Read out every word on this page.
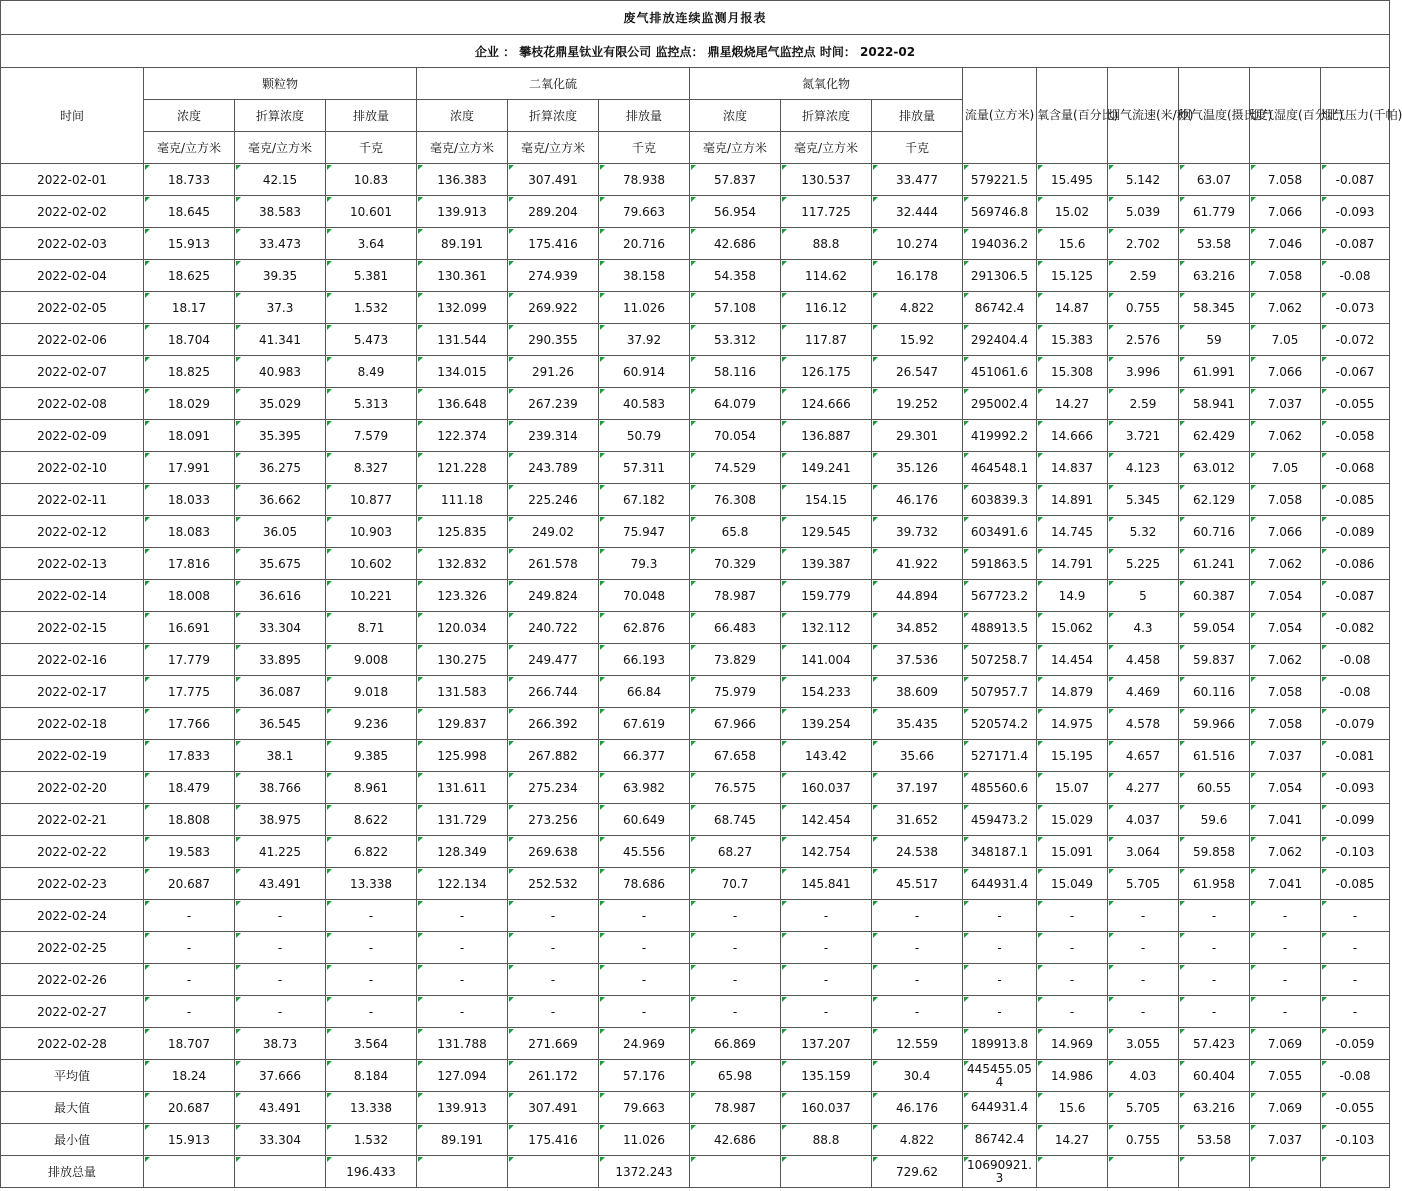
废气排放连续监测月报表															
企业 ： 攀枝花鼎星钛业有限公司 监控点： 鼎星煅烧尾气监控点 时间： 2022-02															
时间	颗粒物			二氧化硫			氮氧化物			流量(立方米)	氧含量(百分比)	烟气流速(米/秒)	烟气温度(摄氏度)	烟气湿度(百分比)	烟气压力(千帕)
	浓度	折算浓度	排放量	浓度	折算浓度	排放量	浓度	折算浓度	排放量						
	毫克/立方米	毫克/立方米	千克	毫克/立方米	毫克/立方米	千克	毫克/立方米	毫克/立方米	千克						
2022-02-01	18.733	42.15	10.83	136.383	307.491	78.938	57.837	130.537	33.477	579221.5	15.495	5.142	63.07	7.058	-0.087
2022-02-02	18.645	38.583	10.601	139.913	289.204	79.663	56.954	117.725	32.444	569746.8	15.02	5.039	61.779	7.066	-0.093
2022-02-03	15.913	33.473	3.64	89.191	175.416	20.716	42.686	88.8	10.274	194036.2	15.6	2.702	53.58	7.046	-0.087
2022-02-04	18.625	39.35	5.381	130.361	274.939	38.158	54.358	114.62	16.178	291306.5	15.125	2.59	63.216	7.058	-0.08
2022-02-05	18.17	37.3	1.532	132.099	269.922	11.026	57.108	116.12	4.822	86742.4	14.87	0.755	58.345	7.062	-0.073
2022-02-06	18.704	41.341	5.473	131.544	290.355	37.92	53.312	117.87	15.92	292404.4	15.383	2.576	59	7.05	-0.072
2022-02-07	18.825	40.983	8.49	134.015	291.26	60.914	58.116	126.175	26.547	451061.6	15.308	3.996	61.991	7.066	-0.067
2022-02-08	18.029	35.029	5.313	136.648	267.239	40.583	64.079	124.666	19.252	295002.4	14.27	2.59	58.941	7.037	-0.055
2022-02-09	18.091	35.395	7.579	122.374	239.314	50.79	70.054	136.887	29.301	419992.2	14.666	3.721	62.429	7.062	-0.058
2022-02-10	17.991	36.275	8.327	121.228	243.789	57.311	74.529	149.241	35.126	464548.1	14.837	4.123	63.012	7.05	-0.068
2022-02-11	18.033	36.662	10.877	111.18	225.246	67.182	76.308	154.15	46.176	603839.3	14.891	5.345	62.129	7.058	-0.085
2022-02-12	18.083	36.05	10.903	125.835	249.02	75.947	65.8	129.545	39.732	603491.6	14.745	5.32	60.716	7.066	-0.089
2022-02-13	17.816	35.675	10.602	132.832	261.578	79.3	70.329	139.387	41.922	591863.5	14.791	5.225	61.241	7.062	-0.086
2022-02-14	18.008	36.616	10.221	123.326	249.824	70.048	78.987	159.779	44.894	567723.2	14.9	5	60.387	7.054	-0.087
2022-02-15	16.691	33.304	8.71	120.034	240.722	62.876	66.483	132.112	34.852	488913.5	15.062	4.3	59.054	7.054	-0.082
2022-02-16	17.779	33.895	9.008	130.275	249.477	66.193	73.829	141.004	37.536	507258.7	14.454	4.458	59.837	7.062	-0.08
2022-02-17	17.775	36.087	9.018	131.583	266.744	66.84	75.979	154.233	38.609	507957.7	14.879	4.469	60.116	7.058	-0.08
2022-02-18	17.766	36.545	9.236	129.837	266.392	67.619	67.966	139.254	35.435	520574.2	14.975	4.578	59.966	7.058	-0.079
2022-02-19	17.833	38.1	9.385	125.998	267.882	66.377	67.658	143.42	35.66	527171.4	15.195	4.657	61.516	7.037	-0.081
2022-02-20	18.479	38.766	8.961	131.611	275.234	63.982	76.575	160.037	37.197	485560.6	15.07	4.277	60.55	7.054	-0.093
2022-02-21	18.808	38.975	8.622	131.729	273.256	60.649	68.745	142.454	31.652	459473.2	15.029	4.037	59.6	7.041	-0.099
2022-02-22	19.583	41.225	6.822	128.349	269.638	45.556	68.27	142.754	24.538	348187.1	15.091	3.064	59.858	7.062	-0.103
2022-02-23	20.687	43.491	13.338	122.134	252.532	78.686	70.7	145.841	45.517	644931.4	15.049	5.705	61.958	7.041	-0.085
2022-02-24	-	-	-	-	-	-	-	-	-	-	-	-	-	-	-
2022-02-25	-	-	-	-	-	-	-	-	-	-	-	-	-	-	-
2022-02-26	-	-	-	-	-	-	-	-	-	-	-	-	-	-	-
2022-02-27	-	-	-	-	-	-	-	-	-	-	-	-	-	-	-
2022-02-28	18.707	38.73	3.564	131.788	271.669	24.969	66.869	137.207	12.559	189913.8	14.969	3.055	57.423	7.069	-0.059
平均值	18.24	37.666	8.184	127.094	261.172	57.176	65.98	135.159	30.4	445455.054	14.986	4.03	60.404	7.055	-0.08
最大值	20.687	43.491	13.338	139.913	307.491	79.663	78.987	160.037	46.176	644931.4	15.6	5.705	63.216	7.069	-0.055
最小值	15.913	33.304	1.532	89.191	175.416	11.026	42.686	88.8	4.822	86742.4	14.27	0.755	53.58	7.037	-0.103
排放总量			196.433			1372.243			729.62	10690921.3					
